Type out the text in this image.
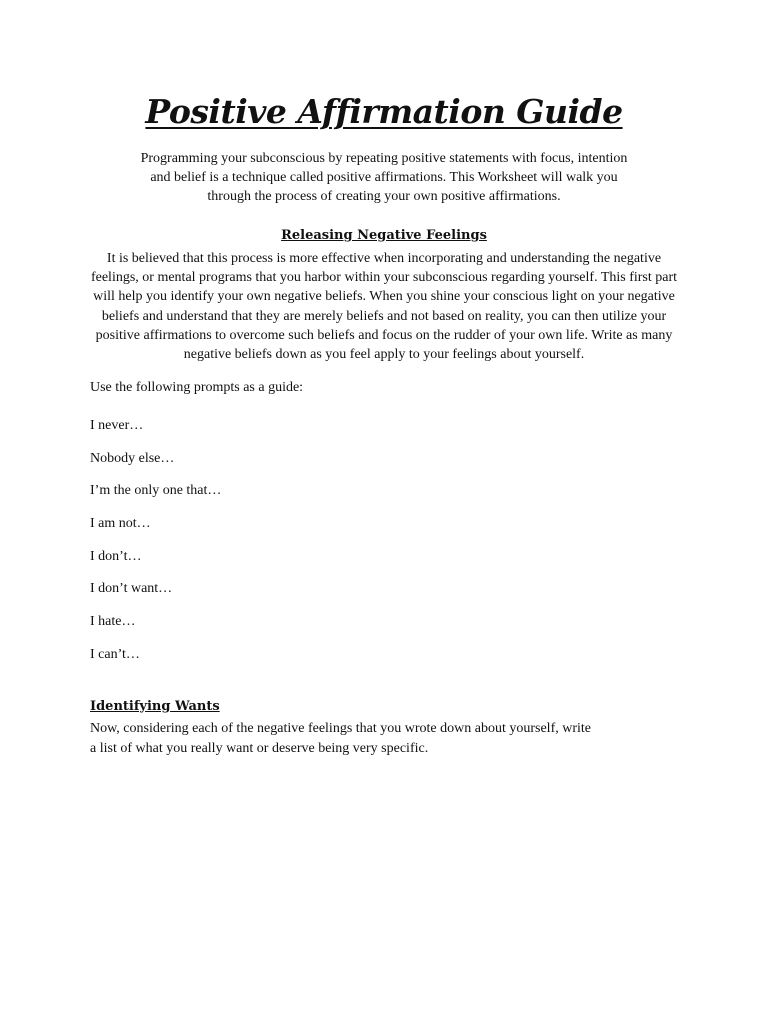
Positive Affirmation Guide

Programming your subconscious by repeating positive statements with focus, intention
and belief is a technique called positive affirmations. This Worksheet will walk you
through the process of creating your own positive affirmations.

Releasing Negative Feelings

It is believed that this process is more effective when incorporating and understanding the negative
feelings, or mental programs that you harbor within your subconscious regarding yourself. This first part
will help you identify your own negative beliefs. When you shine your conscious light on your negative
beliefs and understand that they are merely beliefs and not based on reality, you can then utilize your
positive affirmations to overcome such beliefs and focus on the rudder of your own life. Write as many
negative beliefs down as you feel apply to your feelings about yourself.

Use the following prompts as a guide:

I never…
Nobody else…
I’m the only one that…
I am not…
I don’t…
I don’t want…
I hate…
I can’t…
Identifying Wants

Now, considering each of the negative feelings that you wrote down about yourself, write
a list of what you really want or deserve being very specific.
